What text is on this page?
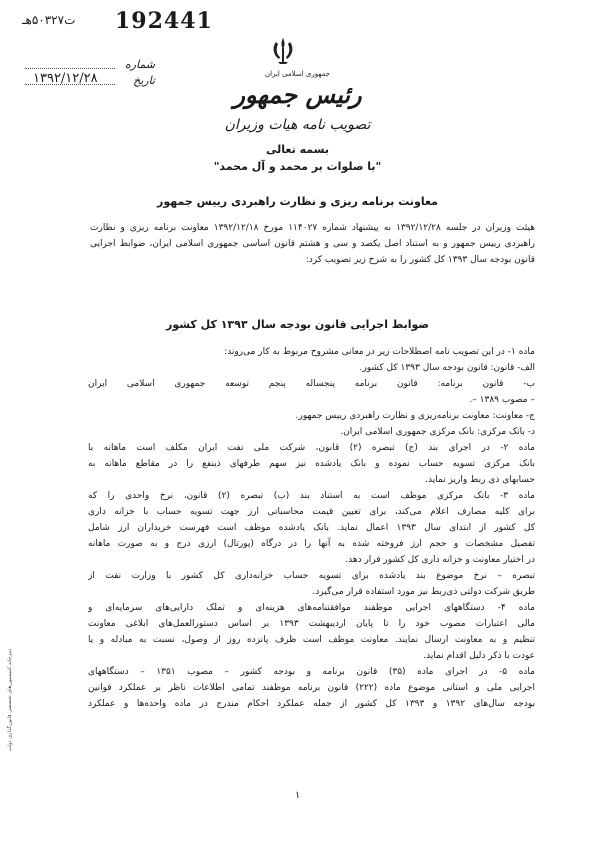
192441
ت۵۰۳۲۷هـ
شماره
تاریخ
۱۳۹۲/۱۲/۲۸	جمهوری اسلامی ایران
رئیس جمهور
تصویب نامه هیات وزیران
بسمه تعالی
"با صلوات بر محمد و آل محمد"
معاونت برنامه ریزی و نظارت راهبردی رییس جمهور
هیئت وزیران در جلسه ۱۳۹۲/۱۲/۲۸ به پیشنهاد شماره ۱۱۴۰۲۷ مورخ ۱۳۹۲/۱۲/۱۸ معاونت برنامه ریزی و نظارت راهبردی رییس جمهور و به استناد اصل یکصد و سی و هشتم قانون اساسی جمهوری اسلامی ایران، ضوابط اجرایی قانون بودجه سال ۱۳۹۳ کل کشور را به شرح زیر تصویب کرد:
ضوابط اجرایی قانون بودجه سال ۱۳۹۳ کل کشور
ماده ۱- در این تصویب نامه اصطلاحات زیر در معانی مشروح مربوط به کار می‌روند:
الف- قانون: قانون بودجه سال ۱۳۹۳ کل کشور.
ب- قانون برنامه: قانون برنامه پنجساله پنجم توسعه جمهوری اسلامی ایران
– مصوب ۱۳۸۹ –.
ج- معاونت: معاونت برنامه‌ریزی و نظارت راهبردی رییس جمهور.
د- بانک مرکزی: بانک مرکزی جمهوری اسلامی ایران.
ماده ۲- در اجرای بند (ج) تبصره (۲) قانون، شرکت ملی نفت ایران مکلف است ماهانه با
بانک مرکزی تسویه حساب نموده و بانک یادشده نیز سهم طرفهای ذینفع را در مقاطع ماهانه به
حسابهای ذی ربط واریز نماید.
ماده ۳- بانک مرکزی موظف است به استناد بند (ب) تبصره (۲) قانون، نرخ واحدی را که
برای کلیه مصارف اعلام می‌کند، برای تعیین قیمت محاسباتی ارز جهت تسویه حساب با خزانه داری
کل کشور از ابتدای سال ۱۳۹۳ اعمال نماید. بانک یادشده موظف است فهرست خریداران ارز شامل
تفصیل مشخصات و حجم ارز فروخته شده به آنها را در درگاه (پورتال) ارزی درج و به صورت ماهانه
در اختیار معاونت و خزانه داری کل کشور قرار دهد.
تبصره – نرخ موضوع بند یادشده برای تسویه حساب خزانه‌داری کل کشور با وزارت نفت از
طریق شرکت دولتی ذی‌ربط نیز مورد استفاده قرار می‌گیرد.
ماده ۴- دستگاههای اجرایی موظفند موافقتنامه‌های هزینه‌ای و تملک دارایی‌های سرمایه‌ای و
مالی اعتبارات مصوب خود را تا پایان اردیبهشت ۱۳۹۳ بر اساس دستورالعمل‌های ابلاغی معاونت
تنظیم و به معاونت ارسال نمایند. معاونت موظف است ظرف پانزده روز از وصول، نسبت به مبادله و یا
عودت با ذکر دلیل اقدام نماید.
ماده ۵- در اجرای ماده (۳۵) قانون برنامه و بودجه کشور – مصوب ۱۳۵۱ – دستگاههای
اجرایی ملی و استانی موضوع ماده (۲۲۲) قانون برنامه موظفند تمامی اطلاعات ناظر بر عملکرد قوانین
بودجه سال‌های ۱۳۹۲ و ۱۳۹۳ کل کشور از جمله عملکرد احکام مندرج در ماده واحده‌ها و عملکرد
دبیرخانه کمیسیون‌های تخصصی قانون‌گذاری دولت
۱
